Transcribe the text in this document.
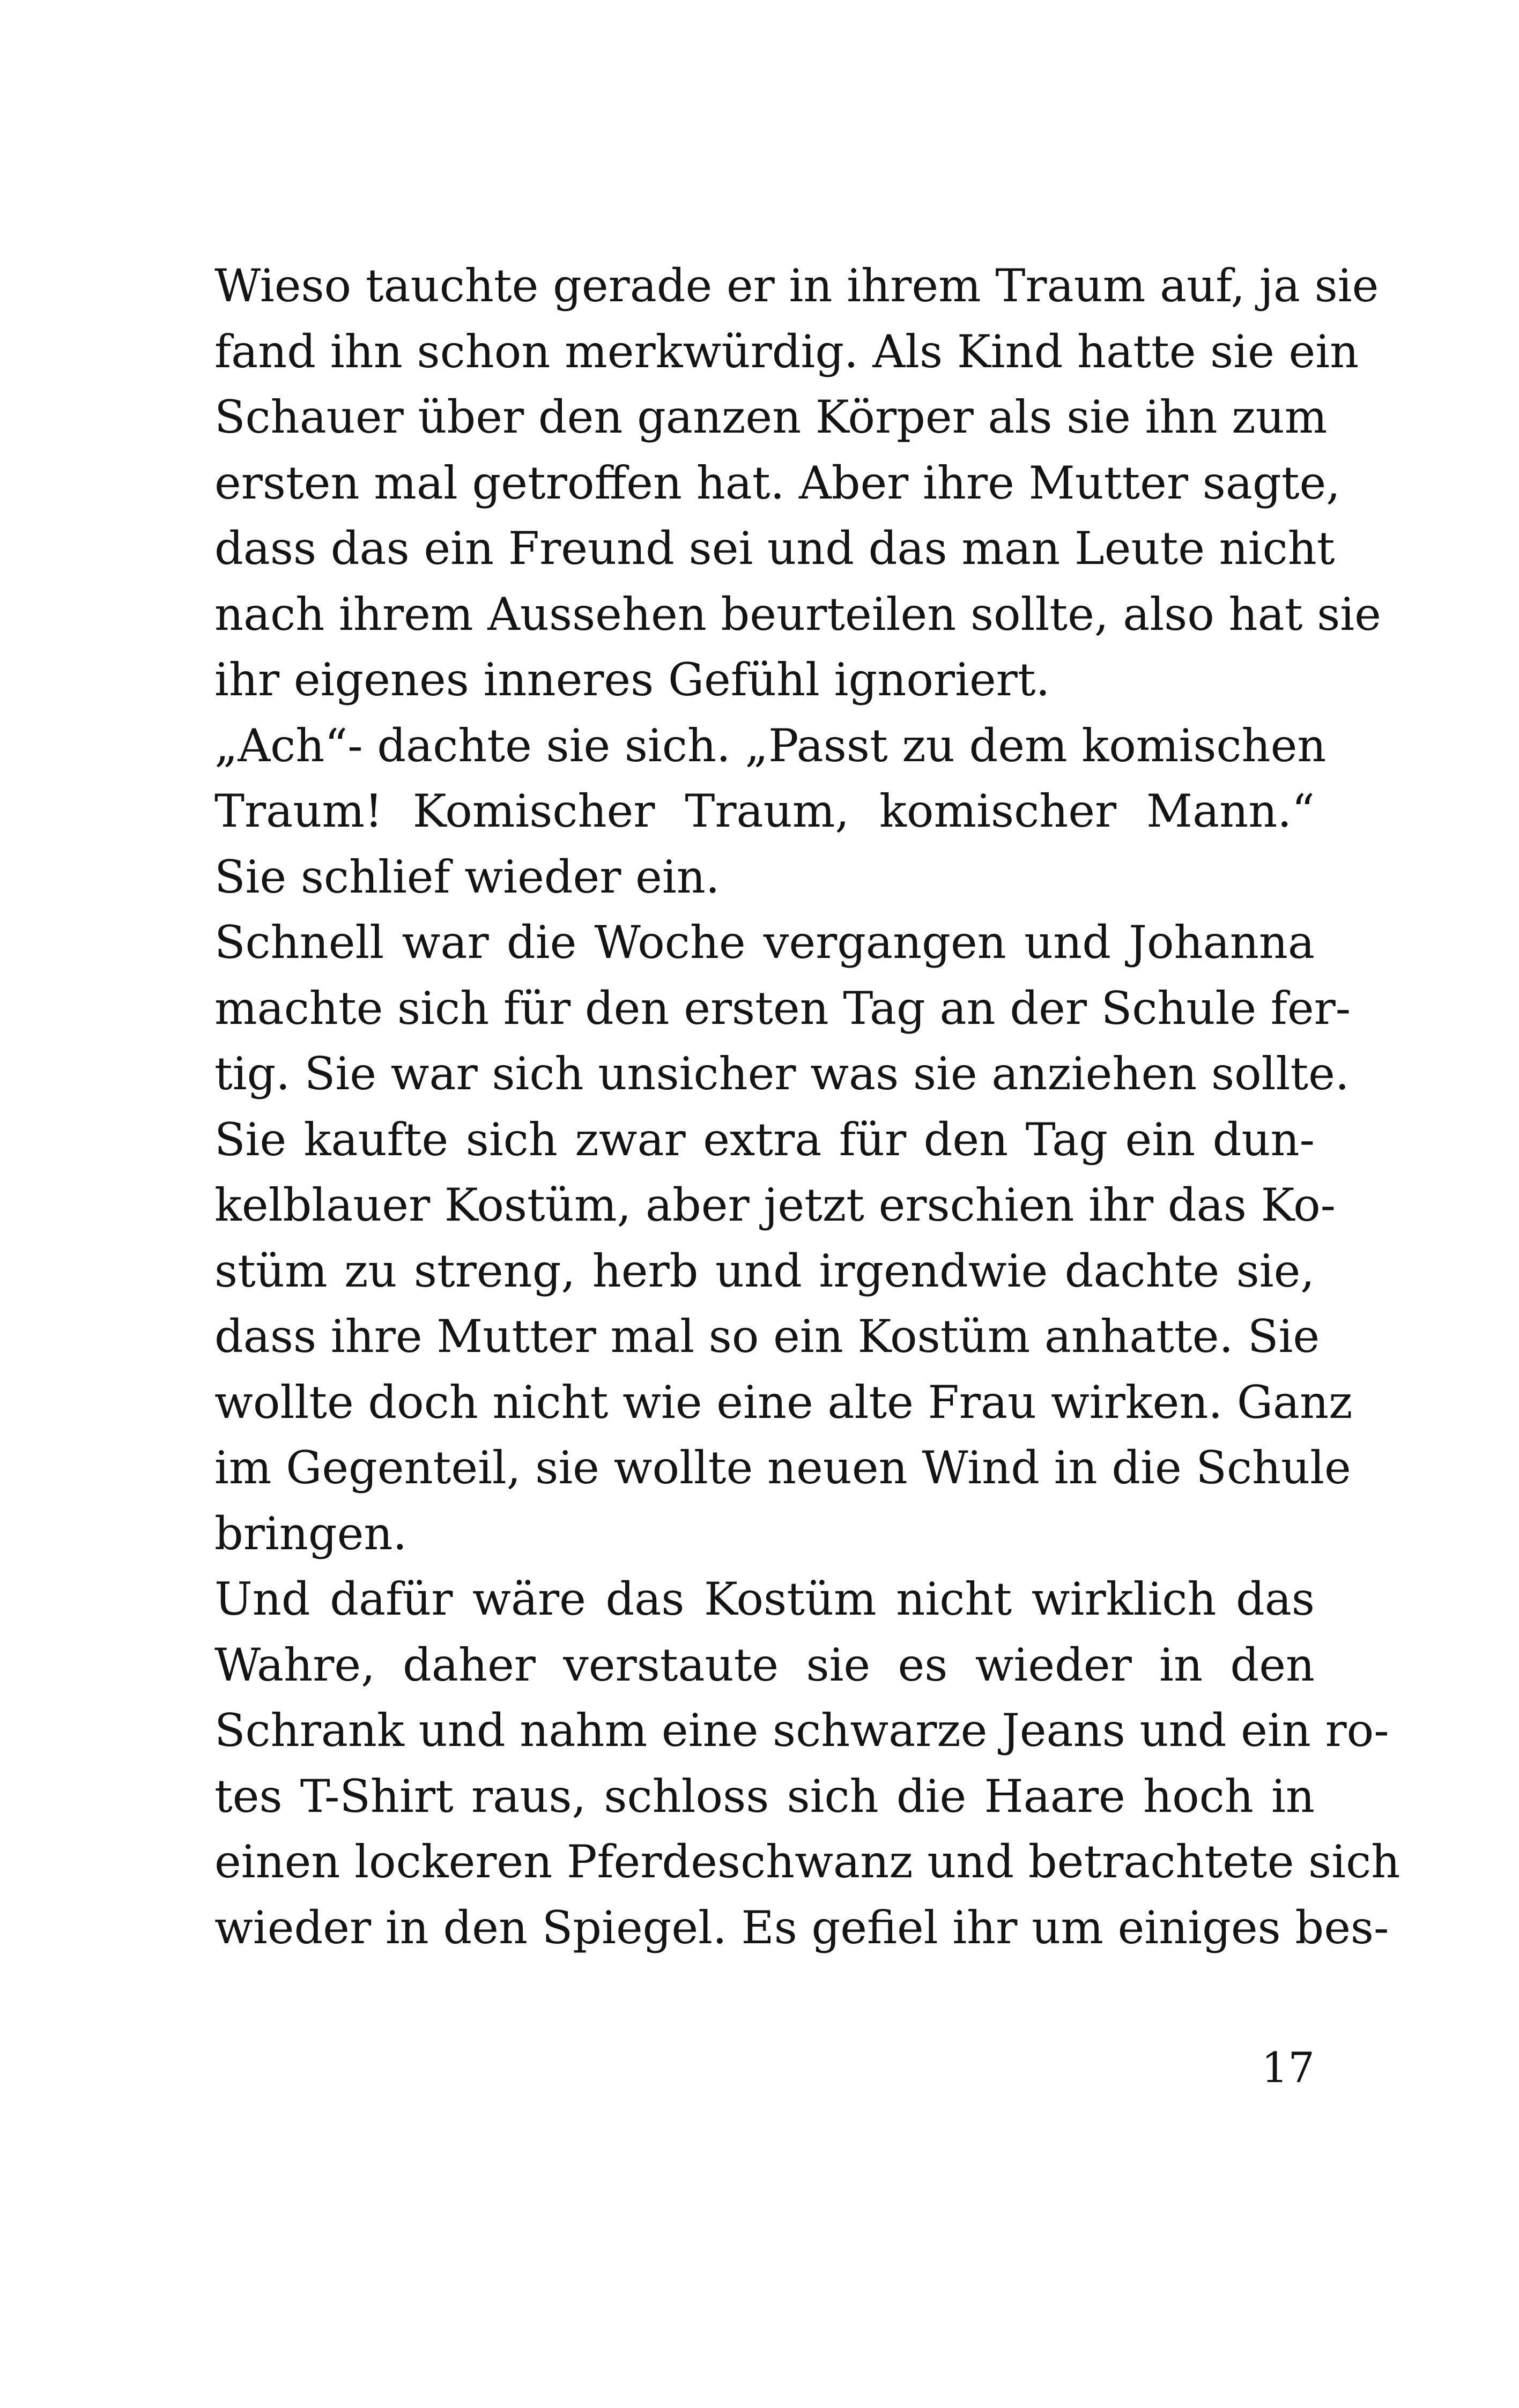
Wieso tauchte gerade er in ihrem Traum auf, ja sie
fand ihn schon merkwürdig. Als Kind hatte sie ein
Schauer über den ganzen Körper als sie ihn zum
ersten mal getroffen hat. Aber ihre Mutter sagte,
dass das ein Freund sei und das man Leute nicht
nach ihrem Aussehen beurteilen sollte, also hat sie
ihr eigenes inneres Gefühl ignoriert.

„Ach“- dachte sie sich. „Passt zu dem komischen
Traum! Komischer Traum, komischer Mann.“
Sie schlief wieder ein.

Schnell war die Woche vergangen und Johanna
machte sich für den ersten Tag an der Schule fer-
tig. Sie war sich unsicher was sie anziehen sollte.
Sie kaufte sich zwar extra für den Tag ein dun-
kelblauer Kostüm, aber jetzt erschien ihr das Ko-
stüm zu streng, herb und irgendwie dachte sie,
dass ihre Mutter mal so ein Kostüm anhatte. Sie
wollte doch nicht wie eine alte Frau wirken. Ganz
im Gegenteil, sie wollte neuen Wind in die Schule
bringen.

Und dafür wäre das Kostüm nicht wirklich das
Wahre, daher verstaute sie es wieder in den
Schrank und nahm eine schwarze Jeans und ein ro-
tes T-Shirt raus, schloss sich die Haare hoch in
einen lockeren Pferdeschwanz und betrachtete sich
wieder in den Spiegel. Es gefiel ihr um einiges bes-

17
